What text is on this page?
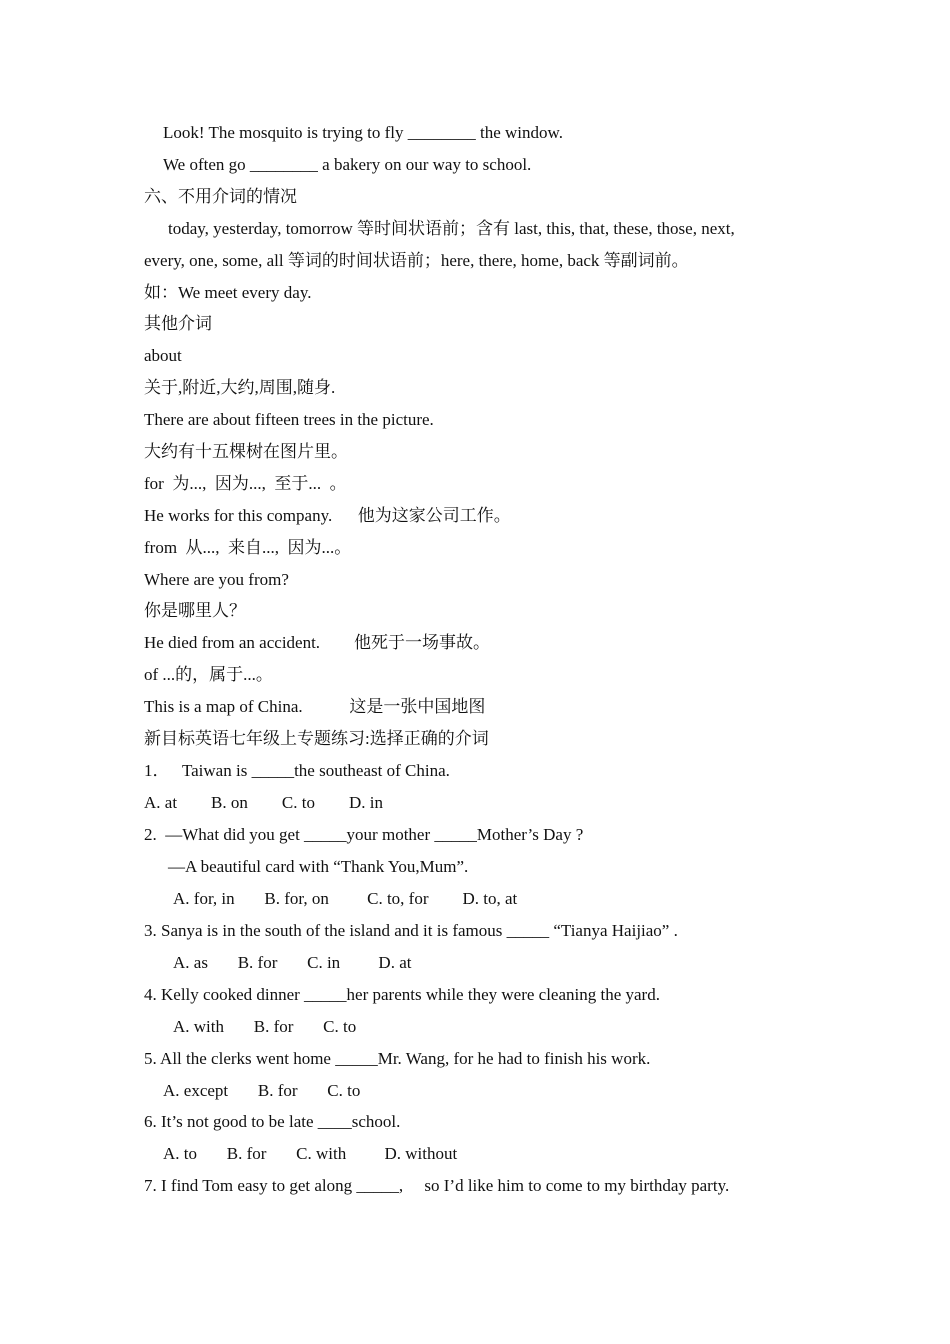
Look! The mosquito is trying to fly ________ the window.
We often go ________ a bakery on our way to school.
六、不用介词的情况
today, yesterday, tomorrow 等时间状语前；含有 last, this, that, these, those, next,
every, one, some, all 等词的时间状语前；here, there, home, back 等副词前。
如：We meet every day.
其他介词
about
关于,附近,大约,周围,随身.
There are about fifteen trees in the picture.
大约有十五棵树在图片里。
for  为...,  因为...,  至于...  。
He works for this company.      他为这家公司工作。
from  从...,  来自...,  因为...。
Where are you from?
你是哪里人？
He died from an accident.        他死于一场事故。
of ...的，属于...。
This is a map of China.           这是一张中国地图
新目标英语七年级上专题练习:选择正确的介词
1．   Taiwan is _____the southeast of China.
A. at        B. on        C. to        D. in
2.  —What did you get _____your mother _____Mother’s Day ?
—A beautiful card with “Thank You,Mum”.
A. for, in       B. for, on         C. to, for        D. to, at
3. Sanya is in the south of the island and it is famous _____ “Tianya Haijiao” .
A. as       B. for       C. in         D. at
4. Kelly cooked dinner _____her parents while they were cleaning the yard.
A. with       B. for       C. to
5. All the clerks went home _____Mr. Wang, for he had to finish his work.
A. except       B. for       C. to
6. It’s not good to be late ____school.
A. to       B. for       C. with         D. without
7. I find Tom easy to get along _____,     so I’d like him to come to my birthday party.
